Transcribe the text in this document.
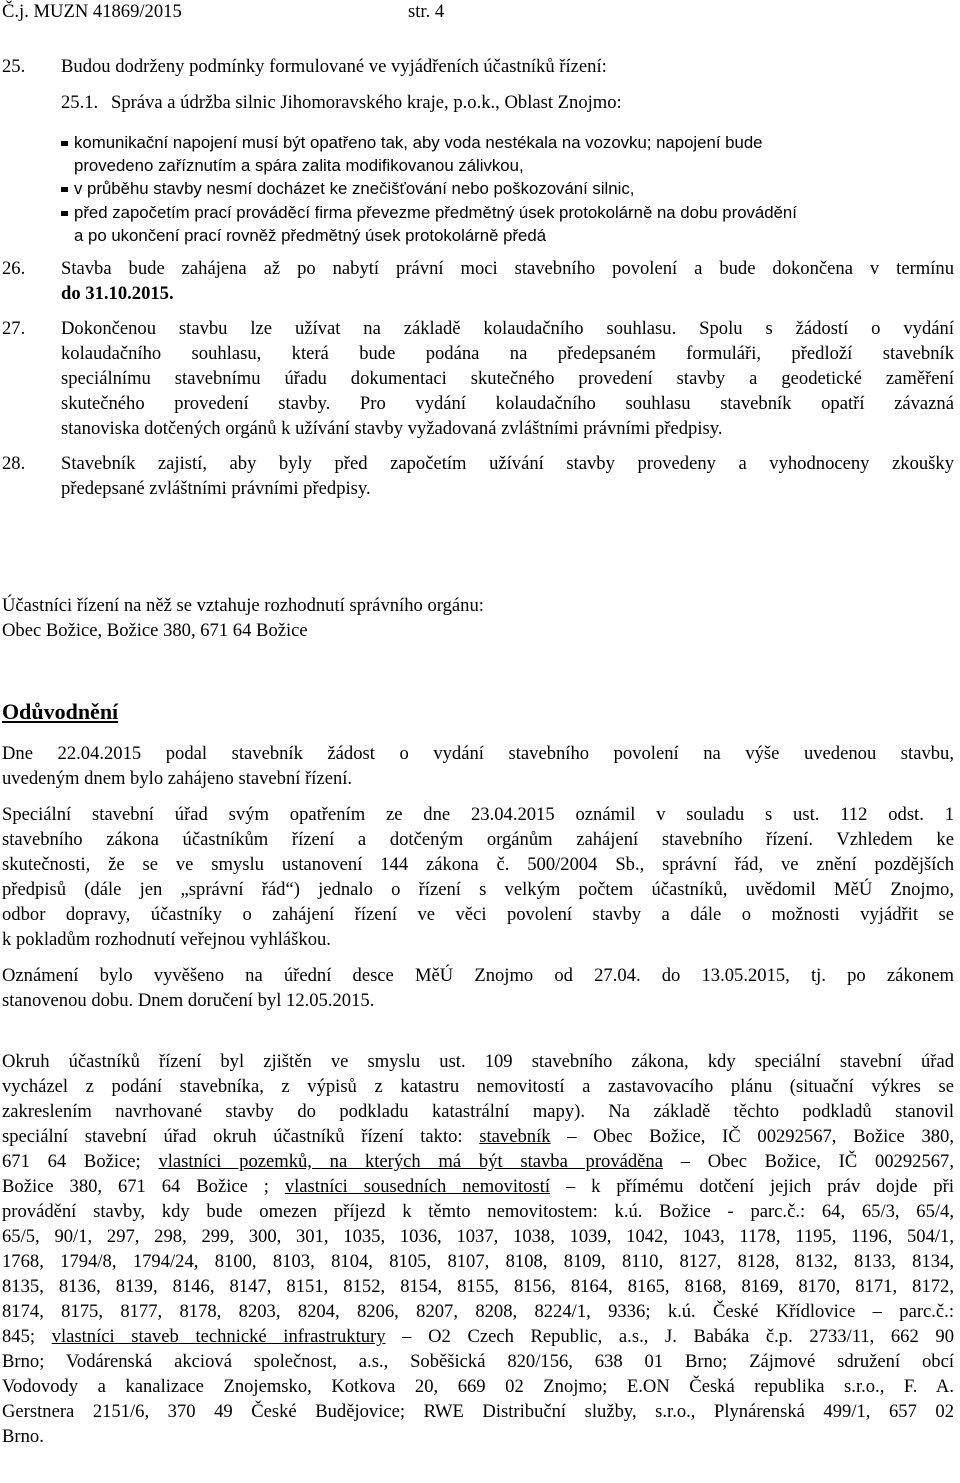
Č.j. MUZN 41869/2015	str. 4
25. Budou dodrženy podmínky formulované ve vyjádřeních účastníků řízení:
25.1. Správa a údržba silnic Jihomoravského kraje, p.o.k., Oblast Znojmo:
komunikační napojení musí být opatřeno tak, aby voda nestékala na vozovku; napojení bude
provedeno zaříznutím a spára zalita modifikovanou zálivkou,
v průběhu stavby nesmí docházet ke znečišťování nebo poškozování silnic,
před započetím prací prováděcí firma převezme předmětný úsek protokolárně na dobu provádění
a po ukončení prací rovněž předmětný úsek protokolárně předá
26. Stavba bude zahájena až po nabytí právní moci stavebního povolení a bude dokončena v termínu
do 31.10.2015.
27. Dokončenou stavbu lze užívat na základě kolaudačního souhlasu. Spolu s žádostí o vydání
kolaudačního souhlasu, která bude podána na předepsaném formuláři, předloží stavebník
speciálnímu stavebnímu úřadu dokumentaci skutečného provedení stavby a geodetické zaměření
skutečného provedení stavby. Pro vydání kolaudačního souhlasu stavebník opatří závazná
stanoviska dotčených orgánů k užívání stavby vyžadovaná zvláštními právními předpisy.
28. Stavebník zajistí, aby byly před započetím užívání stavby provedeny a vyhodnoceny zkoušky
předepsané zvláštními právními předpisy.
Účastníci řízení na něž se vztahuje rozhodnutí správního orgánu:
Obec Božice, Božice 380, 671 64 Božice
Odůvodnění
Dne 22.04.2015 podal stavebník žádost o vydání stavebního povolení na výše uvedenou stavbu,
uvedeným dnem bylo zahájeno stavební řízení.
Speciální stavební úřad svým opatřením ze dne 23.04.2015 oznámil v souladu s ust. 112 odst. 1
stavebního zákona účastníkům řízení a dotčeným orgánům zahájení stavebního řízení. Vzhledem ke
skutečnosti, že se ve smyslu ustanovení 144 zákona č. 500/2004 Sb., správní řád, ve znění pozdějších
předpisů (dále jen „správní řád“) jednalo o řízení s velkým počtem účastníků, uvědomil MěÚ Znojmo,
odbor dopravy, účastníky o zahájení řízení ve věci povolení stavby a dále o možnosti vyjádřit se
k pokladům rozhodnutí veřejnou vyhláškou.
Oznámení bylo vyvěšeno na úřední desce MěÚ Znojmo od 27.04. do 13.05.2015, tj. po zákonem
stanovenou dobu. Dnem doručení byl 12.05.2015.
Okruh účastníků řízení byl zjištěn ve smyslu ust. 109 stavebního zákona, kdy speciální stavební úřad
vycházel z podání stavebníka, z výpisů z katastru nemovitostí a zastavovacího plánu (situační výkres se
zakreslením navrhované stavby do podkladu katastrální mapy). Na základě těchto podkladů stanovil
speciální stavební úřad okruh účastníků řízení takto: stavebník – Obec Božice, IČ 00292567, Božice 380,
671 64 Božice; vlastníci pozemků, na kterých má být stavba prováděna – Obec Božice, IČ 00292567,
Božice 380, 671 64 Božice ; vlastníci sousedních nemovitostí – k přímému dotčení jejich práv dojde při
provádění stavby, kdy bude omezen příjezd k těmto nemovitostem: k.ú. Božice - parc.č.: 64, 65/3, 65/4,
65/5, 90/1, 297, 298, 299, 300, 301, 1035, 1036, 1037, 1038, 1039, 1042, 1043, 1178, 1195, 1196, 504/1,
1768, 1794/8, 1794/24, 8100, 8103, 8104, 8105, 8107, 8108, 8109, 8110, 8127, 8128, 8132, 8133, 8134,
8135, 8136, 8139, 8146, 8147, 8151, 8152, 8154, 8155, 8156, 8164, 8165, 8168, 8169, 8170, 8171, 8172,
8174, 8175, 8177, 8178, 8203, 8204, 8206, 8207, 8208, 8224/1, 9336; k.ú. České Křídlovice – parc.č.:
845; vlastníci staveb technické infrastruktury – O2 Czech Republic, a.s., J. Babáka č.p. 2733/11, 662 90
Brno; Vodárenská akciová společnost, a.s., Soběšická 820/156, 638 01 Brno; Zájmové sdružení obcí
Vodovody a kanalizace Znojemsko, Kotkova 20, 669 02 Znojmo; E.ON Česká republika s.r.o., F. A.
Gerstnera 2151/6, 370 49 České Budějovice; RWE Distribuční služby, s.r.o., Plynárenská 499/1, 657 02
Brno.
